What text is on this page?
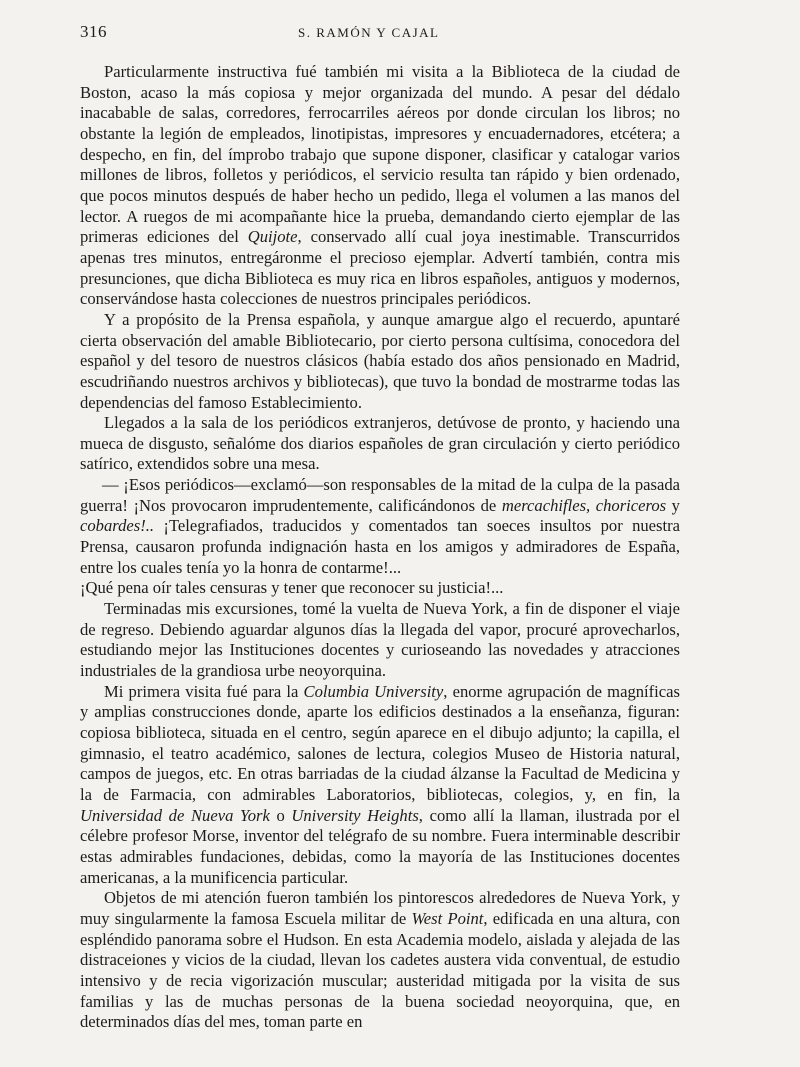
316	S. RAMÓN Y CAJAL

Particularmente instructiva fué también mi visita a la Biblioteca de la ciudad de Boston, acaso la más copiosa y mejor organizada del mundo. A pesar del dédalo inacabable de salas, corredores, ferrocarriles aéreos por donde circulan los libros; no obstante la legión de empleados, linotipistas, impresores y encuadernadores, etcétera; a despecho, en fin, del ímprobo trabajo que supone disponer, clasificar y catalogar varios millones de libros, folletos y periódicos, el servicio resulta tan rápido y bien ordenado, que pocos minutos después de haber hecho un pedido, llega el volumen a las manos del lector. A ruegos de mi acompañante hice la prueba, demandando cierto ejemplar de las primeras ediciones del Quijote, conservado allí cual joya inestimable. Transcurridos apenas tres minutos, entregáronme el precioso ejemplar. Advertí también, contra mis presunciones, que dicha Biblioteca es muy rica en libros españoles, antiguos y modernos, conservándose hasta colecciones de nuestros principales periódicos.

Y a propósito de la Prensa española, y aunque amargue algo el recuerdo, apuntaré cierta observación del amable Bibliotecario, por cierto persona cultísima, conocedora del español y del tesoro de nuestros clásicos (había estado dos años pensionado en Madrid, escudriñando nuestros archivos y bibliotecas), que tuvo la bondad de mostrarme todas las dependencias del famoso Establecimiento.

Llegados a la sala de los periódicos extranjeros, detúvose de pronto, y haciendo una mueca de disgusto, señalóme dos diarios españoles de gran circulación y cierto periódico satírico, extendidos sobre una mesa.

— ¡Esos periódicos—exclamó—son responsables de la mitad de la culpa de la pasada guerra! ¡Nos provocaron imprudentemente, calificándonos de mercachifles, choriceros y cobardes!.. ¡Telegrafiados, traducidos y comentados tan soeces insultos por nuestra Prensa, causaron profunda indignación hasta en los amigos y admiradores de España, entre los cuales tenía yo la honra de contarme!...

¡Qué pena oír tales censuras y tener que reconocer su justicia!...

Terminadas mis excursiones, tomé la vuelta de Nueva York, a fin de disponer el viaje de regreso. Debiendo aguardar algunos días la llegada del vapor, procuré aprovecharlos, estudiando mejor las Instituciones docentes y curioseando las novedades y atracciones industriales de la grandiosa urbe neoyorquina.

Mi primera visita fué para la Columbia University, enorme agrupación de magníficas y amplias construcciones donde, aparte los edificios destinados a la enseñanza, figuran: copiosa biblioteca, situada en el centro, según aparece en el dibujo adjunto; la capilla, el gimnasio, el teatro académico, salones de lectura, colegios Museo de Historia natural, campos de juegos, etc. En otras barriadas de la ciudad álzanse la Facultad de Medicina y la de Farmacia, con admirables Laboratorios, bibliotecas, colegios, y, en fin, la Universidad de Nueva York o University Heights, como allí la llaman, ilustrada por el célebre profesor Morse, inventor del telégrafo de su nombre. Fuera interminable describir estas admirables fundaciones, debidas, como la mayoría de las Instituciones docentes americanas, a la munificencia particular.

Objetos de mi atención fueron también los pintorescos alrededores de Nueva York, y muy singularmente la famosa Escuela militar de West Point, edificada en una altura, con espléndido panorama sobre el Hudson. En esta Academia modelo, aislada y alejada de las distraceiones y vicios de la ciudad, llevan los cadetes austera vida conventual, de estudio intensivo y de recia vigorización muscular; austeridad mitigada por la visita de sus familias y las de muchas personas de la buena sociedad neoyorquina, que, en determinados días del mes, toman parte en
